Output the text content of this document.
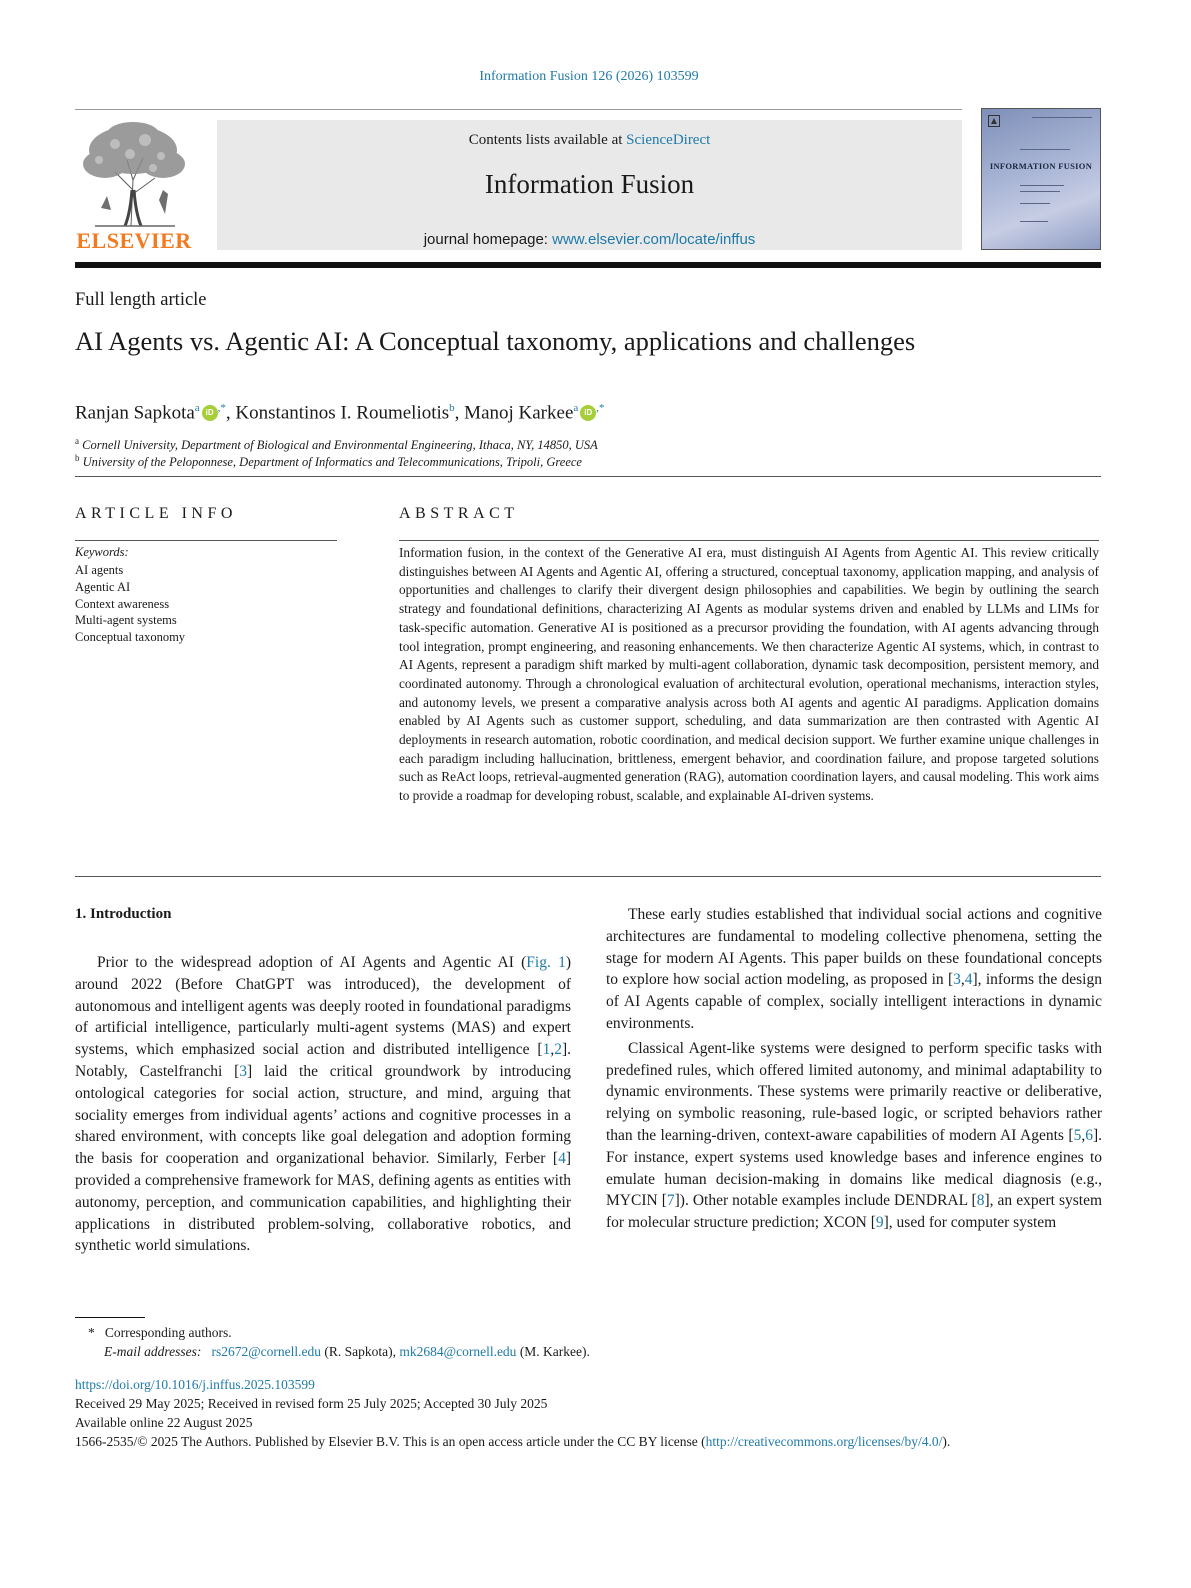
Information Fusion 126 (2026) 103599
ELSEVIER
Contents lists available at ScienceDirect
Information Fusion
journal homepage: www.elsevier.com/locate/inffus
INFORMATION FUSION
Full length article
AI Agents vs. Agentic AI: A Conceptual taxonomy, applications and challenges
Ranjan Sapkota$^a$ iD ,*, Konstantinos I. Roumeliotis$^b$, Manoj Karkee$^a$ iD ,*
$^a$ Cornell University, Department of Biological and Environmental Engineering, Ithaca, NY, 14850, USA
$^b$ University of the Peloponnese, Department of Informatics and Telecommunications, Tripoli, Greece
ARTICLE INFO
Keywords:
AI agents
Agentic AI
Context awareness
Multi-agent systems
Conceptual taxonomy
ABSTRACT
Information fusion, in the context of the Generative AI era, must distinguish AI Agents from Agentic AI. This review critically distinguishes between AI Agents and Agentic AI, offering a structured, conceptual taxonomy, application mapping, and analysis of opportunities and challenges to clarify their divergent design philosophies and capabilities. We begin by outlining the search strategy and foundational definitions, characterizing AI Agents as modular systems driven and enabled by LLMs and LIMs for task-specific automation. Generative AI is positioned as a precursor providing the foundation, with AI agents advancing through tool integration, prompt engineering, and reasoning enhancements. We then characterize Agentic AI systems, which, in contrast to AI Agents, represent a paradigm shift marked by multi-agent collaboration, dynamic task decomposition, persistent memory, and coordinated autonomy. Through a chronological evaluation of architectural evolution, operational mechanisms, interaction styles, and autonomy levels, we present a comparative analysis across both AI agents and agentic AI paradigms. Application domains enabled by AI Agents such as customer support, scheduling, and data summarization are then contrasted with Agentic AI deployments in research automation, robotic coordination, and medical decision support. We further examine unique challenges in each paradigm including hallucination, brittleness, emergent behavior, and coordination failure, and propose targeted solutions such as ReAct loops, retrieval-augmented generation (RAG), automation coordination layers, and causal modeling. This work aims to provide a roadmap for developing robust, scalable, and explainable AI-driven systems.
1. Introduction
Prior to the widespread adoption of AI Agents and Agentic AI (Fig. 1) around 2022 (Before ChatGPT was introduced), the development of autonomous and intelligent agents was deeply rooted in foundational paradigms of artificial intelligence, particularly multi-agent systems (MAS) and expert systems, which emphasized social action and distributed intelligence [1,2]. Notably, Castelfranchi [3] laid the critical groundwork by introducing ontological categories for social action, structure, and mind, arguing that sociality emerges from individual agents’ actions and cognitive processes in a shared environment, with concepts like goal delegation and adoption forming the basis for cooperation and organizational behavior. Similarly, Ferber [4] provided a comprehensive framework for MAS, defining agents as entities with autonomy, perception, and communication capabilities, and highlighting their applications in distributed problem-solving, collaborative robotics, and synthetic world simulations.

These early studies established that individual social actions and cognitive architectures are fundamental to modeling collective phenomena, setting the stage for modern AI Agents. This paper builds on these foundational concepts to explore how social action modeling, as proposed in [3,4], informs the design of AI Agents capable of complex, socially intelligent interactions in dynamic environments.

Classical Agent-like systems were designed to perform specific tasks with predefined rules, which offered limited autonomy, and minimal adaptability to dynamic environments. These systems were primarily reactive or deliberative, relying on symbolic reasoning, rule-based logic, or scripted behaviors rather than the learning-driven, context-aware capabilities of modern AI Agents [5,6]. For instance, expert systems used knowledge bases and inference engines to emulate human decision-making in domains like medical diagnosis (e.g., MYCIN [7]). Other notable examples include DENDRAL [8], an expert system for molecular structure prediction; XCON [9], used for computer system

* Corresponding authors.
E-mail addresses: rs2672@cornell.edu (R. Sapkota), mk2684@cornell.edu (M. Karkee).
https://doi.org/10.1016/j.inffus.2025.103599
Received 29 May 2025; Received in revised form 25 July 2025; Accepted 30 July 2025
Available online 22 August 2025
1566-2535/© 2025 The Authors. Published by Elsevier B.V. This is an open access article under the CC BY license (http://creativecommons.org/licenses/by/4.0/).
